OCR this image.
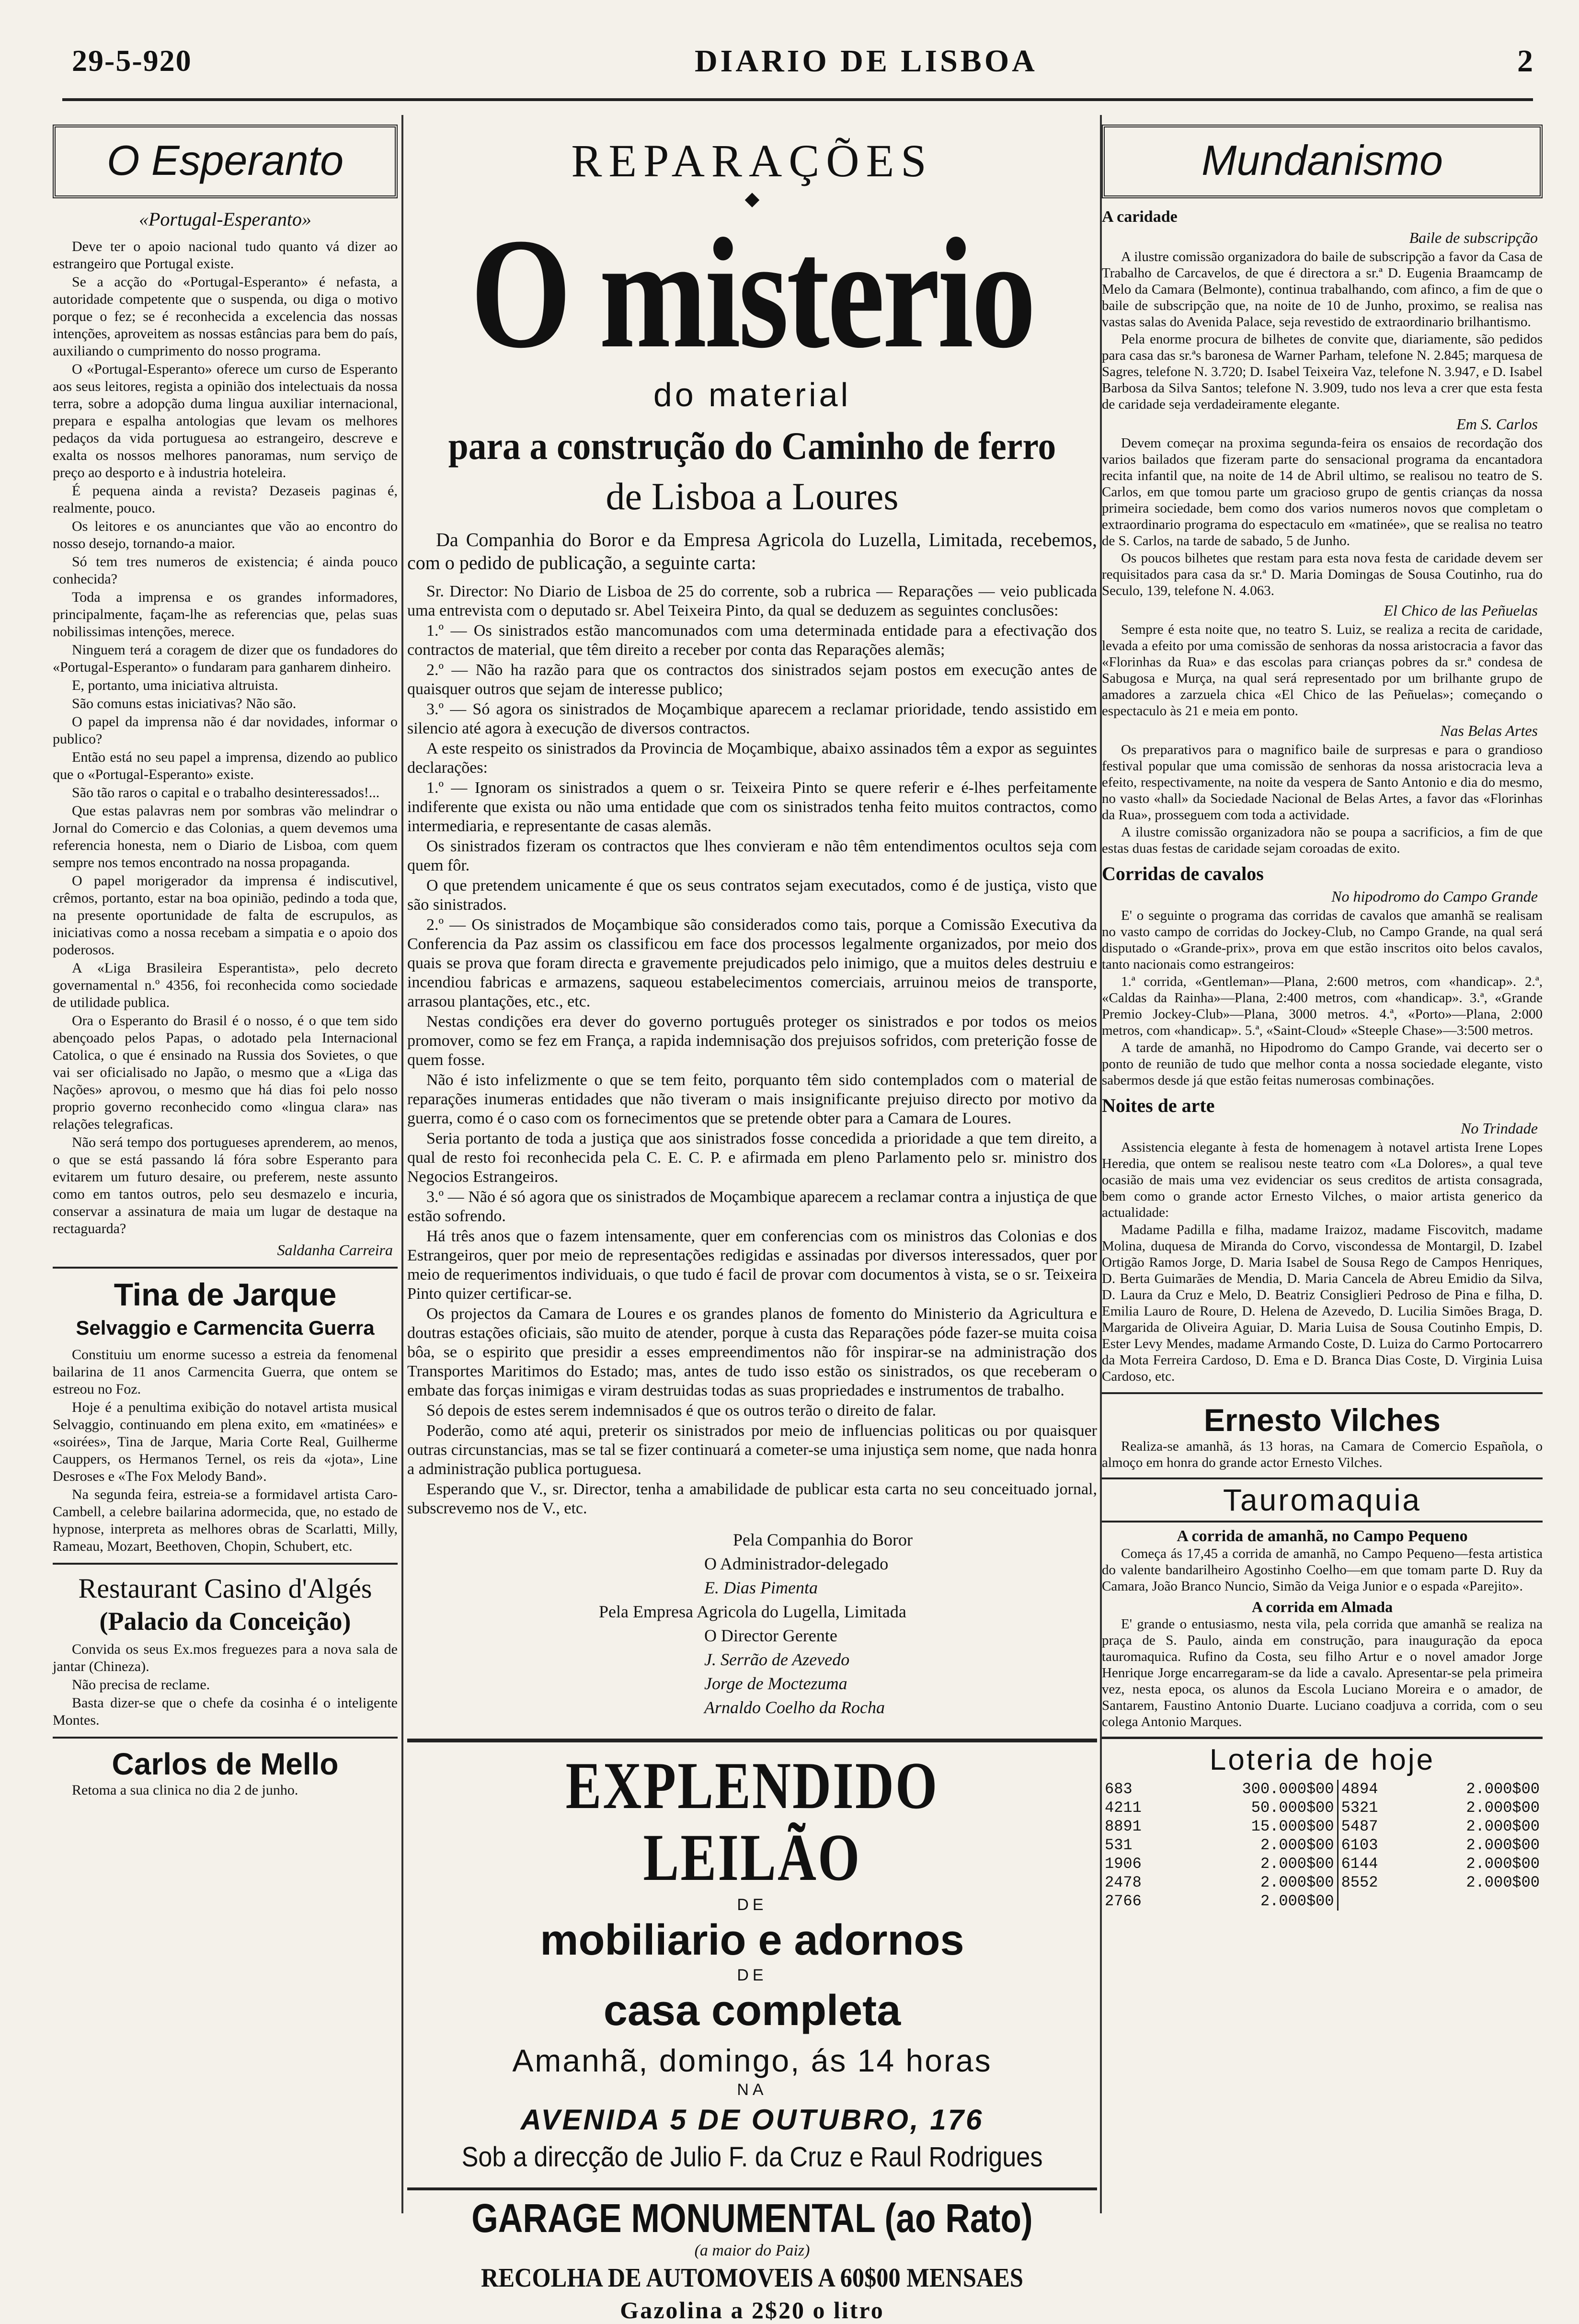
29-5-920	DIARIO DE LISBOA	2
O Esperanto
«Portugal-Esperanto»

Deve ter o apoio nacional tudo quanto vá dizer ao estrangeiro que Portugal existe.

Se a acção do «Portugal-Esperanto» é nefasta, a autoridade competente que o suspenda, ou diga o motivo porque o fez; se é reconhecida a excelencia das nossas intenções, aproveitem as nossas estâncias para bem do país, auxiliando o cumprimento do nosso programa.

O «Portugal-Esperanto» oferece um curso de Esperanto aos seus leitores, regista a opinião dos intelectuais da nossa terra, sobre a adopção duma lingua auxiliar internacional, prepara e espalha antologias que levam os melhores pedaços da vida portuguesa ao estrangeiro, descreve e exalta os nossos melhores panoramas, num serviço de preço ao desporto e à industria hoteleira.

É pequena ainda a revista? Dezaseis paginas é, realmente, pouco.

Os leitores e os anunciantes que vão ao encontro do nosso desejo, tornando-a maior.

Só tem tres numeros de existencia; é ainda pouco conhecida?

Toda a imprensa e os grandes informadores, principalmente, façam-lhe as referencias que, pelas suas nobilissimas intenções, merece.

Ninguem terá a coragem de dizer que os fundadores do «Portugal-Esperanto» o fundaram para ganharem dinheiro.

E, portanto, uma iniciativa altruista.

São comuns estas iniciativas? Não são.

O papel da imprensa não é dar novidades, informar o publico?

Então está no seu papel a imprensa, dizendo ao publico que o «Portugal-Esperanto» existe.

São tão raros o capital e o trabalho desinteressados!...

Que estas palavras nem por sombras vão melindrar o Jornal do Comercio e das Colonias, a quem devemos uma referencia honesta, nem o Diario de Lisboa, com quem sempre nos temos encontrado na nossa propaganda.

O papel morigerador da imprensa é indiscutivel, crêmos, portanto, estar na boa opinião, pedindo a toda que, na presente oportunidade de falta de escrupulos, as iniciativas como a nossa recebam a simpatia e o apoio dos poderosos.

A «Liga Brasileira Esperantista», pelo decreto governamental n.º 4356, foi reconhecida como sociedade de utilidade publica.

Ora o Esperanto do Brasil é o nosso, é o que tem sido abençoado pelos Papas, o adotado pela Internacional Catolica, o que é ensinado na Russia dos Sovietes, o que vai ser oficialisado no Japão, o mesmo que a «Liga das Nações» aprovou, o mesmo que há dias foi pelo nosso proprio governo reconhecido como «lingua clara» nas relações telegraficas.

Não será tempo dos portugueses aprenderem, ao menos, o que se está passando lá fóra sobre Esperanto para evitarem um futuro desaire, ou preferem, neste assunto como em tantos outros, pelo seu desmazelo e incuria, conservar a assinatura de maia um lugar de destaque na rectaguarda?

Saldanha Carreira
Tina de Jarque
Selvaggio e Carmencita Guerra

Constituiu um enorme sucesso a estreia da fenomenal bailarina de 11 anos Carmencita Guerra, que ontem se estreou no Foz.

Hoje é a penultima exibição do notavel artista musical Selvaggio, continuando em plena exito, em «matinées» e «soirées», Tina de Jarque, Maria Corte Real, Guilherme Cauppers, os Hermanos Ternel, os reis da «jota», Line Desroses e «The Fox Melody Band».

Na segunda feira, estreia-se a formidavel artista Caro-Cambell, a celebre bailarina adormecida, que, no estado de hypnose, interpreta as melhores obras de Scarlatti, Milly, Rameau, Mozart, Beethoven, Chopin, Schubert, etc.

Restaurant Casino d'Algés
(Palacio da Conceição)

Convida os seus Ex.mos freguezes para a nova sala de jantar (Chineza).

Não precisa de reclame.

Basta dizer-se que o chefe da cosinha é o inteligente Montes.

Carlos de Mello

Retoma a sua clinica no dia 2 de junho.

REPARAÇÕES
◆
O misterio
do material
para a construção do Caminho de ferro
de Lisboa a Loures

Da Companhia do Boror e da Empresa Agricola do Luzella, Limitada, recebemos, com o pedido de publicação, a seguinte carta:

Sr. Director: No Diario de Lisboa de 25 do corrente, sob a rubrica — Reparações — veio publicada uma entrevista com o deputado sr. Abel Teixeira Pinto, da qual se deduzem as seguintes conclusões:

1.º — Os sinistrados estão mancomunados com uma determinada entidade para a efectivação dos contractos de material, que têm direito a receber por conta das Reparações alemãs;

2.º — Não ha razão para que os contractos dos sinistrados sejam postos em execução antes de quaisquer outros que sejam de interesse publico;

3.º — Só agora os sinistrados de Moçambique aparecem a reclamar prioridade, tendo assistido em silencio até agora à execução de diversos contractos.

A este respeito os sinistrados da Provincia de Moçambique, abaixo assinados têm a expor as seguintes declarações:

1.º — Ignoram os sinistrados a quem o sr. Teixeira Pinto se quere referir e é-lhes perfeitamente indiferente que exista ou não uma entidade que com os sinistrados tenha feito muitos contractos, como intermediaria, e representante de casas alemãs.

Os sinistrados fizeram os contractos que lhes convieram e não têm entendimentos ocultos seja com quem fôr.

O que pretendem unicamente é que os seus contratos sejam executados, como é de justiça, visto que são sinistrados.

2.º — Os sinistrados de Moçambique são considerados como tais, porque a Comissão Executiva da Conferencia da Paz assim os classificou em face dos processos legalmente organizados, por meio dos quais se prova que foram directa e gravemente prejudicados pelo inimigo, que a muitos deles destruiu e incendiou fabricas e armazens, saqueou estabelecimentos comerciais, arruinou meios de transporte, arrasou plantações, etc., etc.

Nestas condições era dever do governo português proteger os sinistrados e por todos os meios promover, como se fez em França, a rapida indemnisação dos prejuisos sofridos, com preterição fosse de quem fosse.

Não é isto infelizmente o que se tem feito, porquanto têm sido contemplados com o material de reparações inumeras entidades que não tiveram o mais insignificante prejuiso directo por motivo da guerra, como é o caso com os fornecimentos que se pretende obter para a Camara de Loures.

Seria portanto de toda a justiça que aos sinistrados fosse concedida a prioridade a que tem direito, a qual de resto foi reconhecida pela C. E. C. P. e afirmada em pleno Parlamento pelo sr. ministro dos Negocios Estrangeiros.

3.º — Não é só agora que os sinistrados de Moçambique aparecem a reclamar contra a injustiça de que estão sofrendo.

Há três anos que o fazem intensamente, quer em conferencias com os ministros das Colonias e dos Estrangeiros, quer por meio de representações redigidas e assinadas por diversos interessados, quer por meio de requerimentos individuais, o que tudo é facil de provar com documentos à vista, se o sr. Teixeira Pinto quizer certificar-se.

Os projectos da Camara de Loures e os grandes planos de fomento do Ministerio da Agricultura e doutras estações oficiais, são muito de atender, porque à custa das Reparações póde fazer-se muita coisa bôa, se o espirito que presidir a esses empreendimentos não fôr inspirar-se na administração dos Transportes Maritimos do Estado; mas, antes de tudo isso estão os sinistrados, os que receberam o embate das forças inimigas e viram destruidas todas as suas propriedades e instrumentos de trabalho.

Só depois de estes serem indemnisados é que os outros terão o direito de falar.

Poderão, como até aqui, preterir os sinistrados por meio de influencias politicas ou por quaisquer outras circunstancias, mas se tal se fizer continuará a cometer-se uma injustiça sem nome, que nada honra a administração publica portuguesa.

Esperando que V., sr. Director, tenha a amabilidade de publicar esta carta no seu conceituado jornal, subscrevemo nos de V., etc.

Pela Companhia do Boror
O Administrador-delegado
E. Dias Pimenta
Pela Empresa Agricola do Lugella, Limitada
O Director Gerente
J. Serrão de Azevedo
Jorge de Moctezuma
Arnaldo Coelho da Rocha
EXPLENDIDO LEILÃO
DE
mobiliario e adornos
DE
casa completa
Amanhã, domingo, ás 14 horas
NA
AVENIDA 5 DE OUTUBRO, 176
Sob a direcção de Julio F. da Cruz e Raul Rodrigues
GARAGE MONUMENTAL (ao Rato)
(a maior do Paiz)
RECOLHA DE AUTOMOVEIS A 60$00 MENSAES
Gazolina a 2$20 o litro
Mundanismo
A caridade
Baile de subscripção

A ilustre comissão organizadora do baile de subscripção a favor da Casa de Trabalho de Carcavelos, de que é directora a sr.ª D. Eugenia Braamcamp de Melo da Camara (Belmonte), continua trabalhando, com afinco, a fim de que o baile de subscripção que, na noite de 10 de Junho, proximo, se realisa nas vastas salas do Avenida Palace, seja revestido de extraordinario brilhantismo.

Pela enorme procura de bilhetes de convite que, diariamente, são pedidos para casa das sr.ªs baronesa de Warner Parham, telefone N. 2.845; marquesa de Sagres, telefone N. 3.720; D. Isabel Teixeira Vaz, telefone N. 3.947, e D. Isabel Barbosa da Silva Santos; telefone N. 3.909, tudo nos leva a crer que esta festa de caridade seja verdadeiramente elegante.

Em S. Carlos

Devem começar na proxima segunda-feira os ensaios de recordação dos varios bailados que fizeram parte do sensacional programa da encantadora recita infantil que, na noite de 14 de Abril ultimo, se realisou no teatro de S. Carlos, em que tomou parte um gracioso grupo de gentis crianças da nossa primeira sociedade, bem como dos varios numeros novos que completam o extraordinario programa do espectaculo em «matinée», que se realisa no teatro de S. Carlos, na tarde de sabado, 5 de Junho.

Os poucos bilhetes que restam para esta nova festa de caridade devem ser requisitados para casa da sr.ª D. Maria Domingas de Sousa Coutinho, rua do Seculo, 139, telefone N. 4.063.

El Chico de las Peñuelas

Sempre é esta noite que, no teatro S. Luiz, se realiza a recita de caridade, levada a efeito por uma comissão de senhoras da nossa aristocracia a favor das «Florinhas da Rua» e das escolas para crianças pobres da sr.ª condesa de Sabugosa e Murça, na qual será representado por um brilhante grupo de amadores a zarzuela chica «El Chico de las Peñuelas»; começando o espectaculo às 21 e meia em ponto.

Nas Belas Artes

Os preparativos para o magnifico baile de surpresas e para o grandioso festival popular que uma comissão de senhoras da nossa aristocracia leva a efeito, respectivamente, na noite da vespera de Santo Antonio e dia do mesmo, no vasto «hall» da Sociedade Nacional de Belas Artes, a favor das «Florinhas da Rua», prosseguem com toda a actividade.

A ilustre comissão organizadora não se poupa a sacrificios, a fim de que estas duas festas de caridade sejam coroadas de exito.

Corridas de cavalos
No hipodromo do Campo Grande

E' o seguinte o programa das corridas de cavalos que amanhã se realisam no vasto campo de corridas do Jockey-Club, no Campo Grande, na qual será disputado o «Grande-prix», prova em que estão inscritos oito belos cavalos, tanto nacionais como estrangeiros:

1.ª corrida, «Gentleman»—Plana, 2:600 metros, com «handicap». 2.ª, «Caldas da Rainha»—Plana, 2:400 metros, com «handicap». 3.ª, «Grande Premio Jockey-Club»—Plana, 3000 metros. 4.ª, «Porto»—Plana, 2:000 metros, com «handicap». 5.ª, «Saint-Cloud» «Steeple Chase»—3:500 metros.

A tarde de amanhã, no Hipodromo do Campo Grande, vai decerto ser o ponto de reunião de tudo que melhor conta a nossa sociedade elegante, visto sabermos desde já que estão feitas numerosas combinações.

Noites de arte
No Trindade

Assistencia elegante à festa de homenagem à notavel artista Irene Lopes Heredia, que ontem se realisou neste teatro com «La Dolores», a qual teve ocasião de mais uma vez evidenciar os seus creditos de artista consagrada, bem como o grande actor Ernesto Vilches, o maior artista generico da actualidade:

Madame Padilla e filha, madame Iraizoz, madame Fiscovitch, madame Molina, duquesa de Miranda do Corvo, viscondessa de Montargil, D. Izabel Ortigão Ramos Jorge, D. Maria Isabel de Sousa Rego de Campos Henriques, D. Berta Guimarães de Mendia, D. Maria Cancela de Abreu Emidio da Silva, D. Laura da Cruz e Melo, D. Beatriz Consiglieri Pedroso de Pina e filha, D. Emilia Lauro de Roure, D. Helena de Azevedo, D. Lucilia Simões Braga, D. Margarida de Oliveira Aguiar, D. Maria Luisa de Sousa Coutinho Empis, D. Ester Levy Mendes, madame Armando Coste, D. Luiza do Carmo Portocarrero da Mota Ferreira Cardoso, D. Ema e D. Branca Dias Coste, D. Virginia Luisa Cardoso, etc.

Ernesto Vilches

Realiza-se amanhã, ás 13 horas, na Camara de Comercio Española, o almoço em honra do grande actor Ernesto Vilches.

Tauromaquia
A corrida de amanhã, no Campo Pequeno

Começa ás 17,45 a corrida de amanhã, no Campo Pequeno—festa artistica do valente bandarilheiro Agostinho Coelho—em que tomam parte D. Ruy da Camara, João Branco Nuncio, Simão da Veiga Junior e o espada «Parejito».

A corrida em Almada

E' grande o entusiasmo, nesta vila, pela corrida que amanhã se realiza na praça de S. Paulo, ainda em construção, para inauguração da epoca tauromaquica. Rufino da Costa, seu filho Artur e o novel amador Jorge Henrique Jorge encarregaram-se da lide a cavalo. Apresentar-se pela primeira vez, nesta epoca, os alunos da Escola Luciano Moreira e o amador, de Santarem, Faustino Antonio Duarte. Luciano coadjuva a corrida, com o seu colega Antonio Marques.

Loteria de hoje
683	300.000$00	4894	2.000$00
4211	50.000$00	5321	2.000$00
8891	15.000$00	5487	2.000$00
531	2.000$00	6103	2.000$00
1906	2.000$00	6144	2.000$00
2478	2.000$00	8552	2.000$00
2766	2.000$00		
